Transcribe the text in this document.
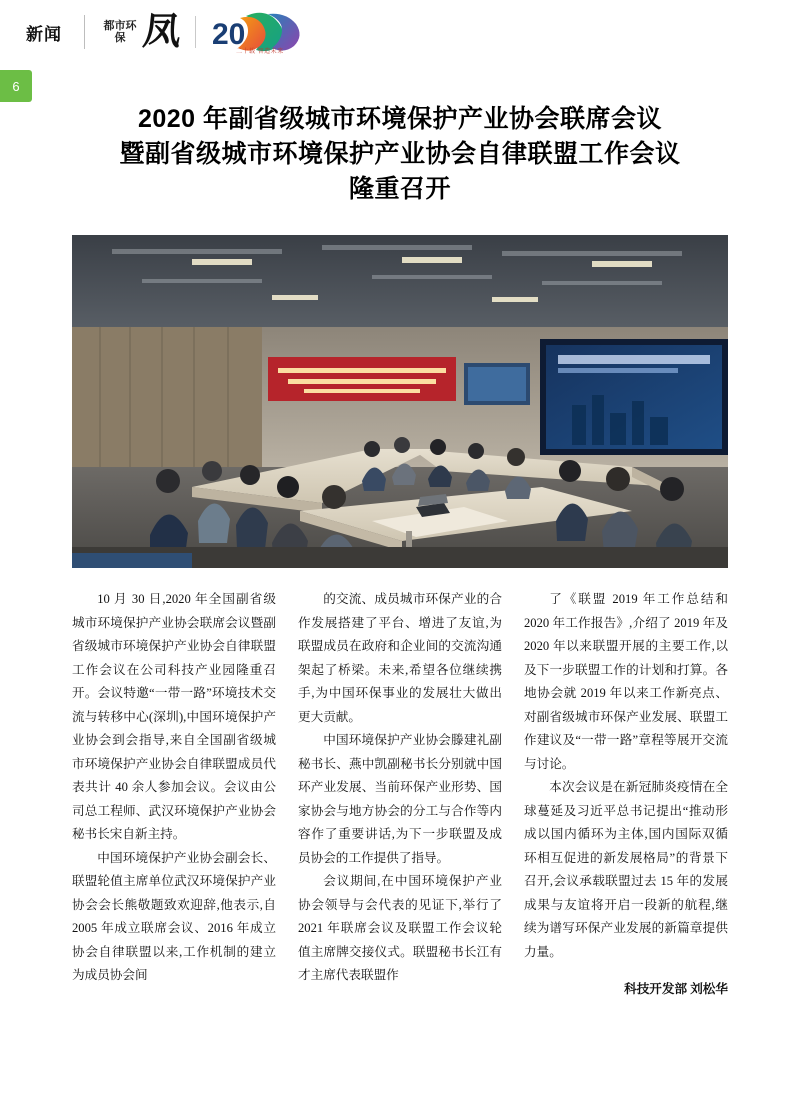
新闻	都市环保 凤 20
二十载 智造未来
6
2020 年副省级城市环境保护产业协会联席会议
暨副省级城市环境保护产业协会自律联盟工作会议
隆重召开

10 月 30 日,2020 年全国副省级城市环境保护产业协会联席会议暨副省级城市环境保护产业协会自律联盟工作会议在公司科技产业园隆重召开。会议特邀“一带一路”环境技术交流与转移中心(深圳),中国环境保护产业协会到会指导,来自全国副省级城市环境保护产业协会自律联盟成员代表共计 40 余人参加会议。会议由公司总工程师、武汉环境保护产业协会秘书长宋自新主持。

中国环境保护产业协会副会长、联盟轮值主席单位武汉环境保护产业协会会长熊敬题致欢迎辞,他表示,自 2005 年成立联席会议、2016 年成立协会自律联盟以来,工作机制的建立为成员协会间

的交流、成员城市环保产业的合作发展搭建了平台、增进了友谊,为联盟成员在政府和企业间的交流沟通架起了桥梁。未来,希望各位继续携手,为中国环保事业的发展壮大做出更大贡献。

中国环境保护产业协会滕建礼副秘书长、燕中凯副秘书长分别就中国环产业发展、当前环保产业形势、国家协会与地方协会的分工与合作等内容作了重要讲话,为下一步联盟及成员协会的工作提供了指导。

会议期间,在中国环境保护产业协会领导与会代表的见证下,举行了 2021 年联席会议及联盟工作会议轮值主席牌交接仪式。联盟秘书长江有才主席代表联盟作

了《联盟 2019 年工作总结和 2020 年工作报告》,介绍了 2019 年及 2020 年以来联盟开展的主要工作,以及下一步联盟工作的计划和打算。各地协会就 2019 年以来工作新亮点、对副省级城市环保产业发展、联盟工作建议及“一带一路”章程等展开交流与讨论。

本次会议是在新冠肺炎疫情在全球蔓延及习近平总书记提出“推动形成以国内循环为主体,国内国际双循环相互促进的新发展格局”的背景下召开,会议承载联盟过去 15 年的发展成果与友谊将开启一段新的航程,继续为谱写环保产业发展的新篇章提供力量。

科技开发部 刘松华
